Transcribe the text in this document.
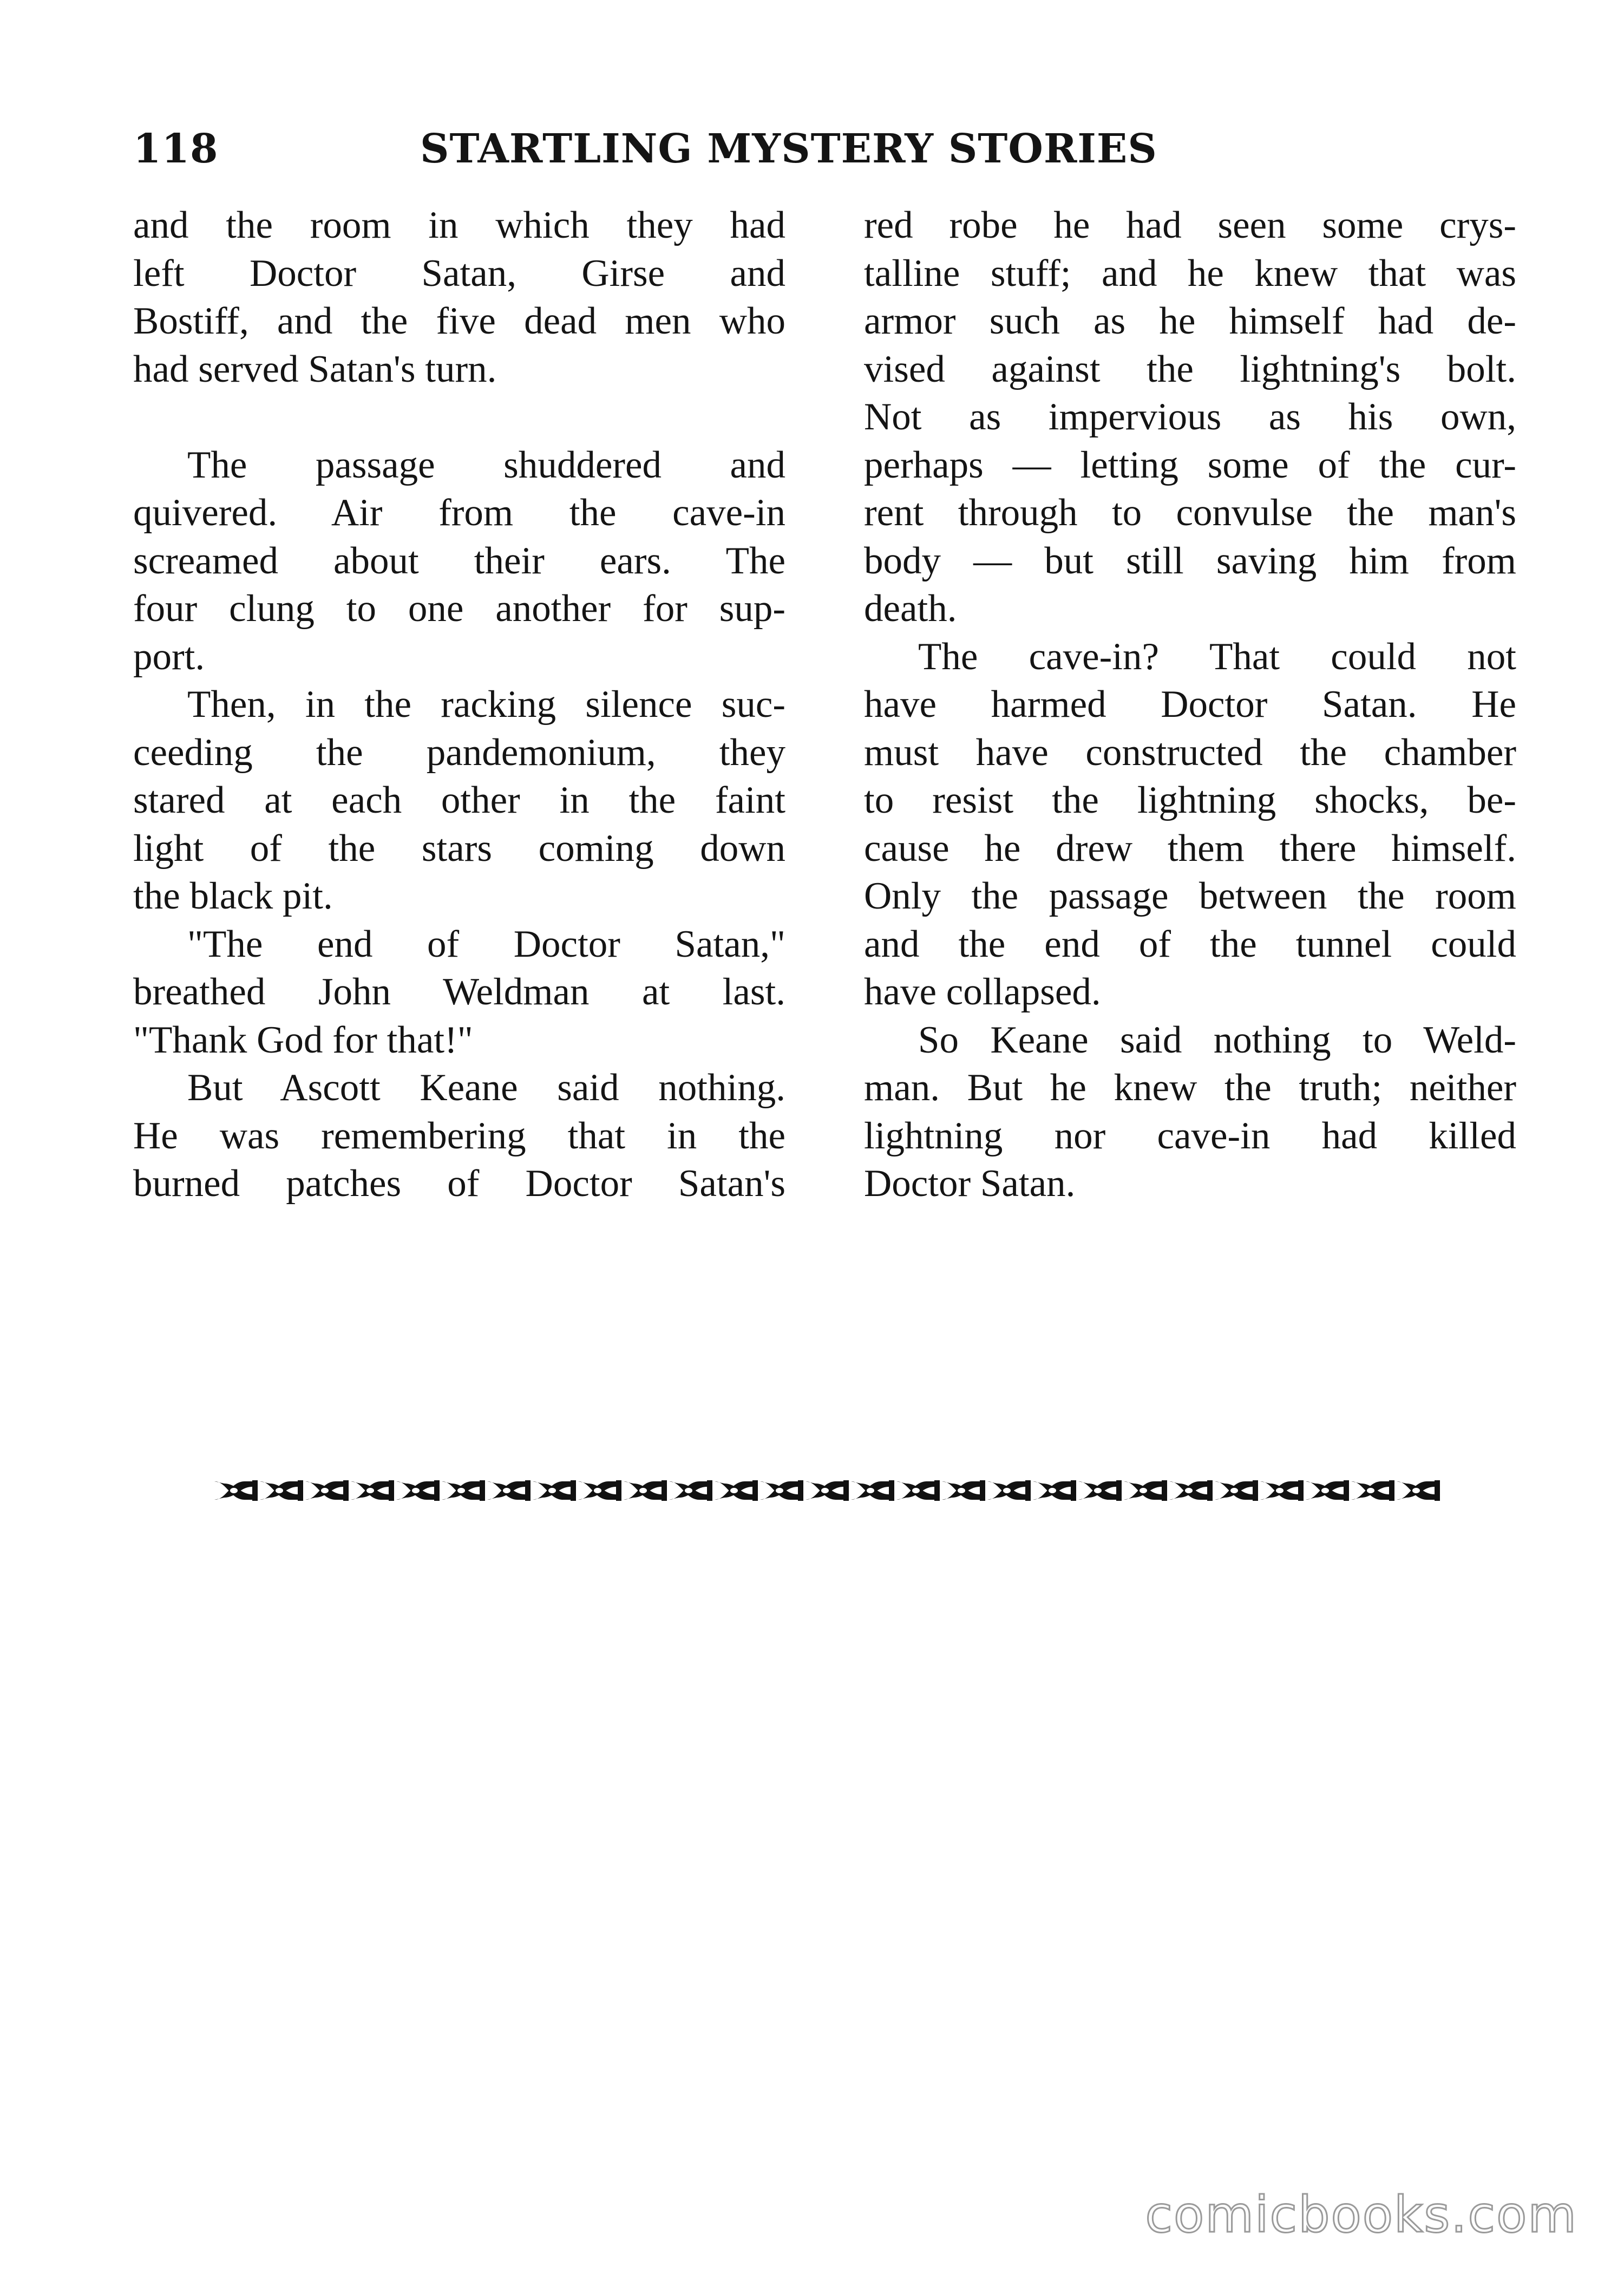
118	STARTLING MYSTERY STORIES
and the room in which they had
left Doctor Satan, Girse and
Bostiff, and the five dead men who
had served Satan's turn.
The passage shuddered and
quivered. Air from the cave-in
screamed about their ears. The
four clung to one another for sup-
port.
Then, in the racking silence suc-
ceeding the pandemonium, they
stared at each other in the faint
light of the stars coming down
the black pit.
"The end of Doctor Satan,"
breathed John Weldman at last.
"Thank God for that!"
But Ascott Keane said nothing.
He was remembering that in the
burned patches of Doctor Satan's
red robe he had seen some crys-
talline stuff; and he knew that was
armor such as he himself had de-
vised against the lightning's bolt.
Not as impervious as his own,
perhaps — letting some of the cur-
rent through to convulse the man's
body — but still saving him from
death.
The cave-in? That could not
have harmed Doctor Satan. He
must have constructed the chamber
to resist the lightning shocks, be-
cause he drew them there himself.
Only the passage between the room
and the end of the tunnel could
have collapsed.
So Keane said nothing to Weld-
man. But he knew the truth; neither
lightning nor cave-in had killed
Doctor Satan.
comicbooks.com
